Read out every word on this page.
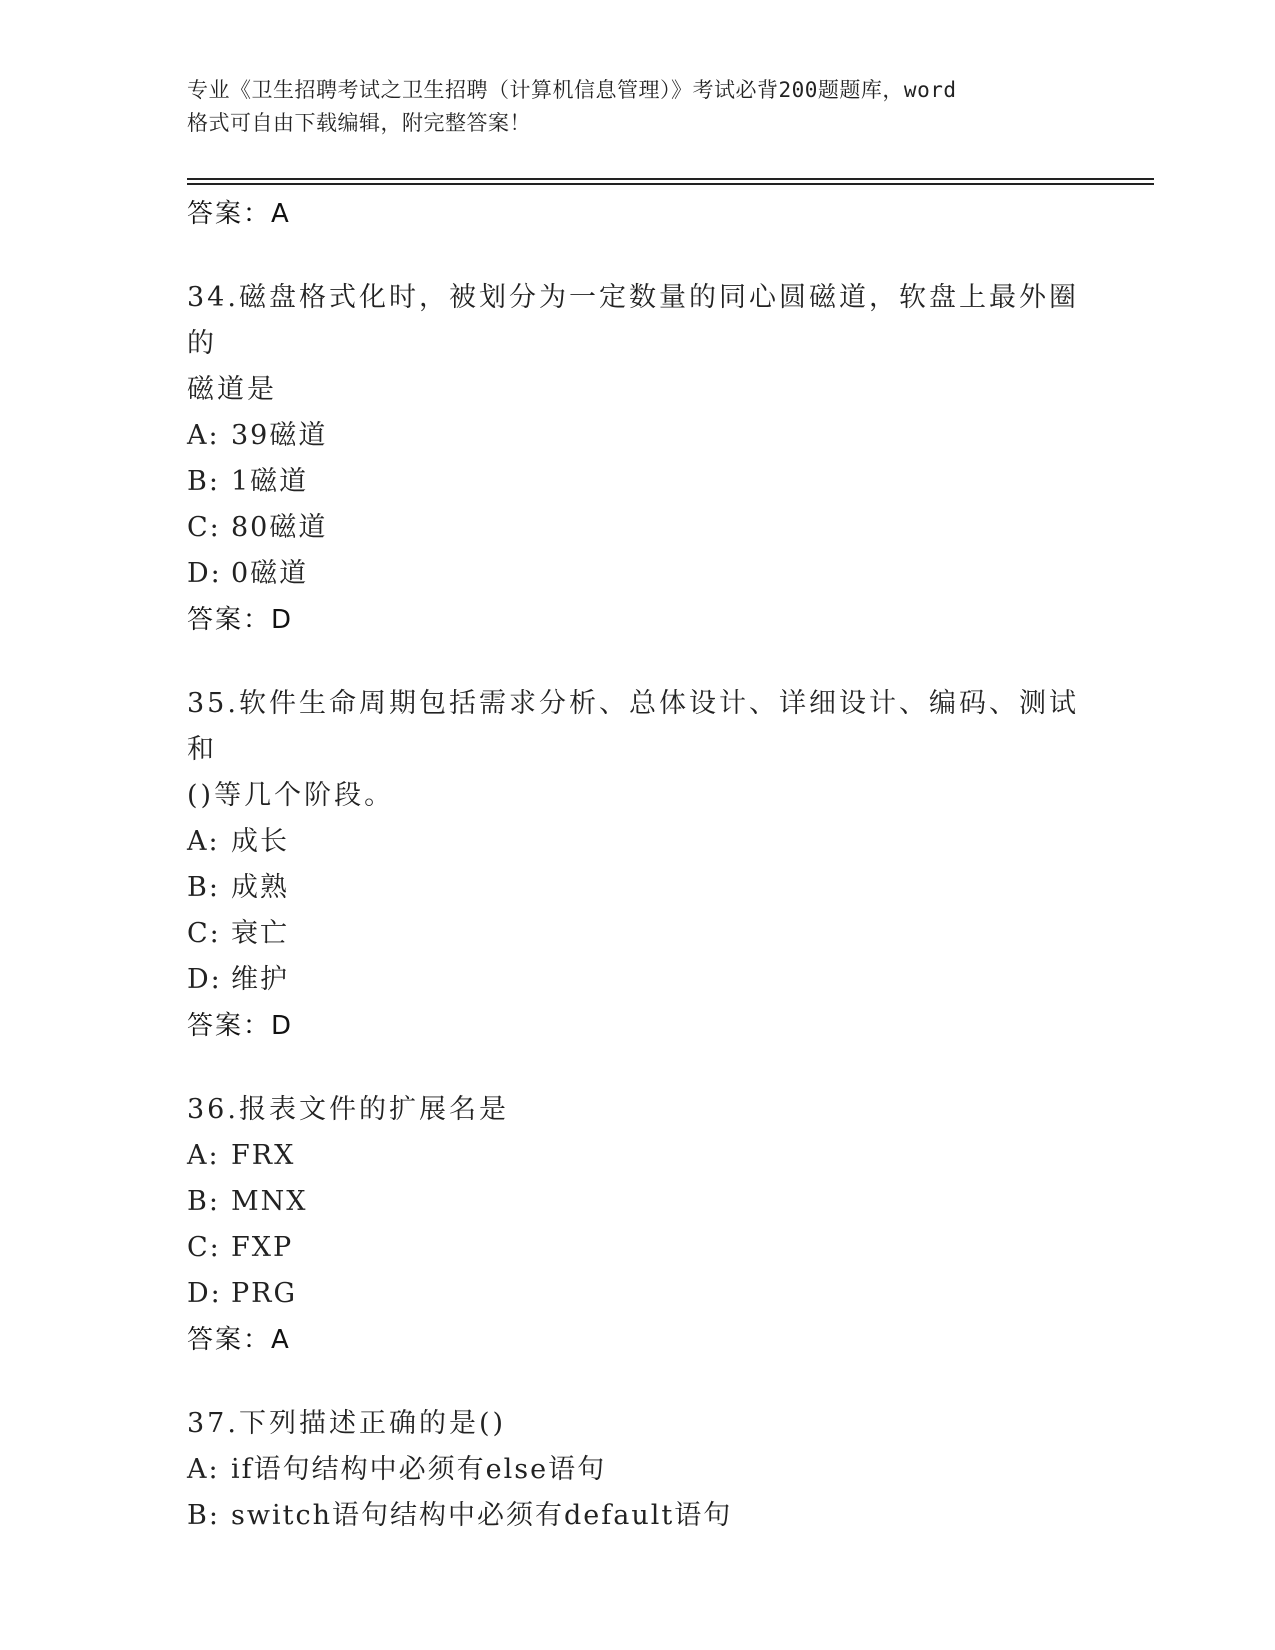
专业《卫生招聘考试之卫生招聘（计算机信息管理）》考试必背200题题库，word
格式可自由下载编辑，附完整答案！

答案：A

34.磁盘格式化时，被划分为一定数量的同心圆磁道，软盘上最外圈的

磁道是

A: 39磁道

B: 1磁道

C: 80磁道

D: 0磁道

答案：D

35.软件生命周期包括需求分析、总体设计、详细设计、编码、测试和

()等几个阶段。

A: 成长

B: 成熟

C: 衰亡

D: 维护

答案：D

36.报表文件的扩展名是

A: FRX

B: MNX

C: FXP

D: PRG

答案：A

37.下列描述正确的是()

A: if语句结构中必须有else语句

B: switch语句结构中必须有default语句
